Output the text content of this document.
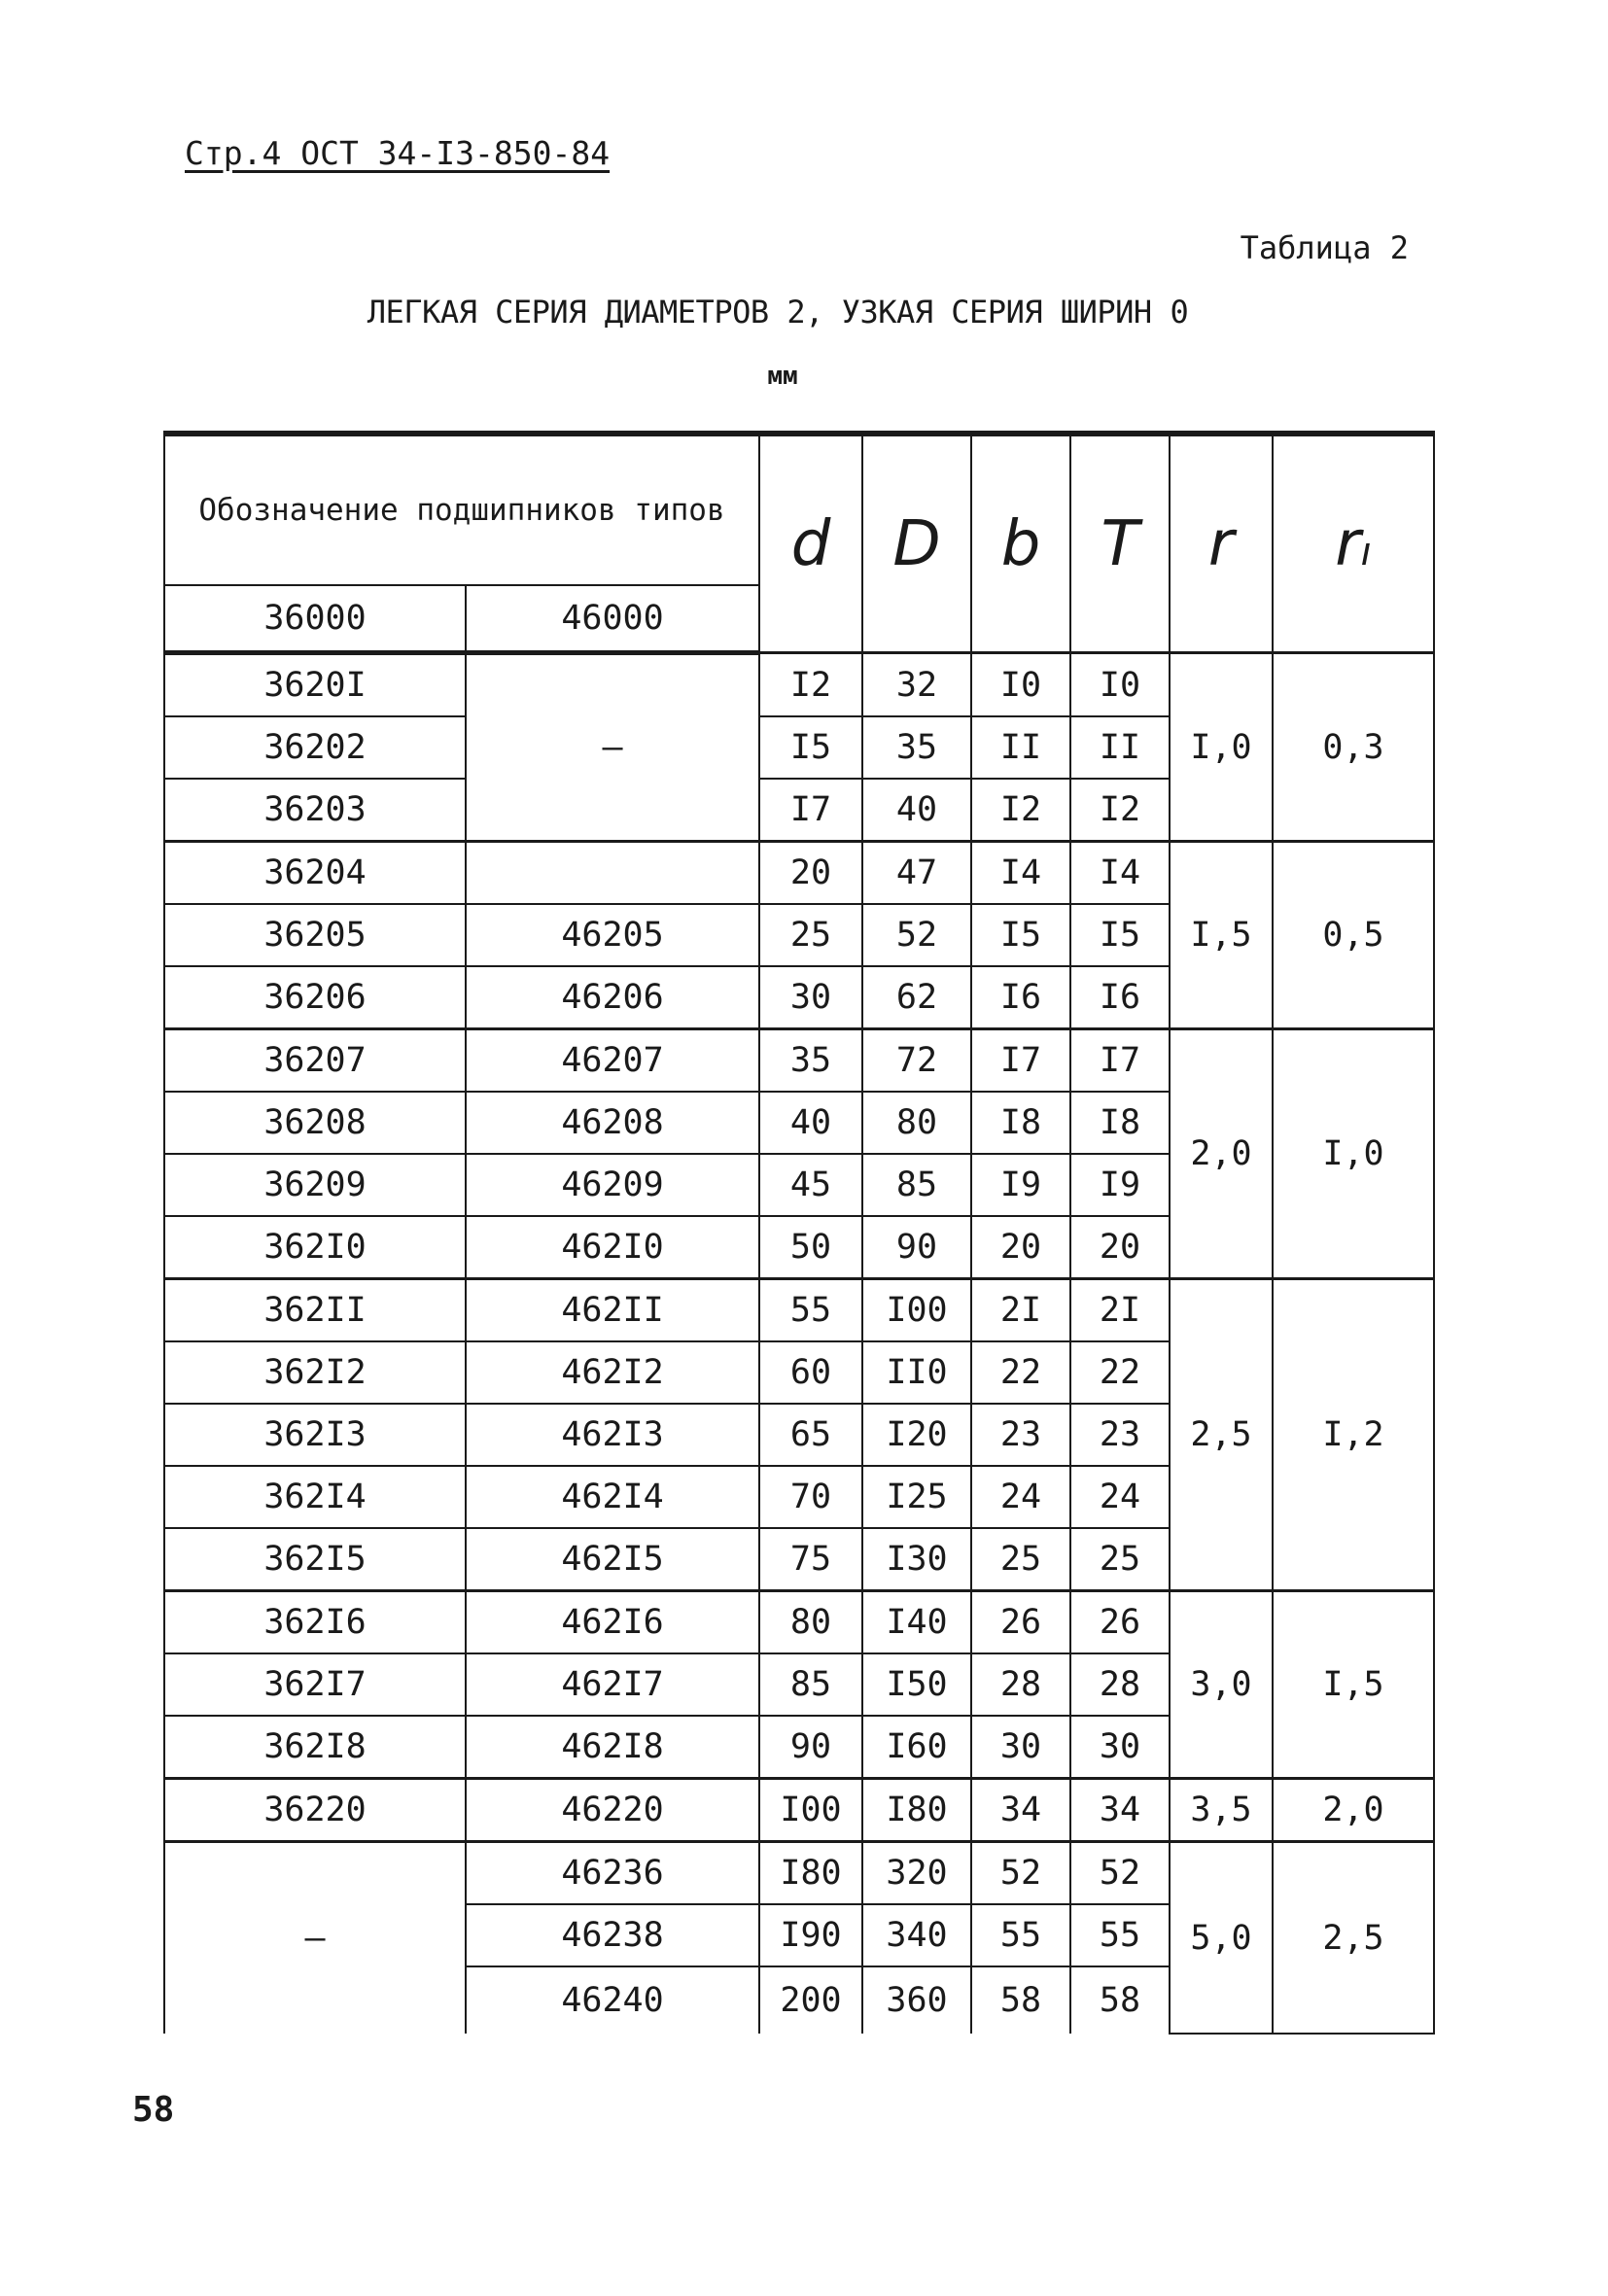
Стр.4 ОСТ 34-I3-850-84
Таблица 2
ЛЕГКАЯ СЕРИЯ ДИАМЕТРОВ 2, УЗКАЯ СЕРИЯ ШИРИН 0
мм
Обозначение подшипников типов		d	D	b	T	r	rı
36000	46000						
3620I	—	I2	32	I0	I0	I,0	0,3
36202		I5	35	II	II		
36203		I7	40	I2	I2		
36204		20	47	I4	I4	I,5	0,5
36205	46205	25	52	I5	I5		
36206	46206	30	62	I6	I6		
36207	46207	35	72	I7	I7	2,0	I,0
36208	46208	40	80	I8	I8		
36209	46209	45	85	I9	I9		
362I0	462I0	50	90	20	20		
362II	462II	55	I00	2I	2I	2,5	I,2
362I2	462I2	60	II0	22	22		
362I3	462I3	65	I20	23	23		
362I4	462I4	70	I25	24	24		
362I5	462I5	75	I30	25	25		
362I6	462I6	80	I40	26	26	3,0	I,5
362I7	462I7	85	I50	28	28		
362I8	462I8	90	I60	30	30		
36220	46220	I00	I80	34	34	3,5	2,0
—	46236	I80	320	52	52	5,0	2,5
	46238	I90	340	55	55		
	46240	200	360	58	58		
58
